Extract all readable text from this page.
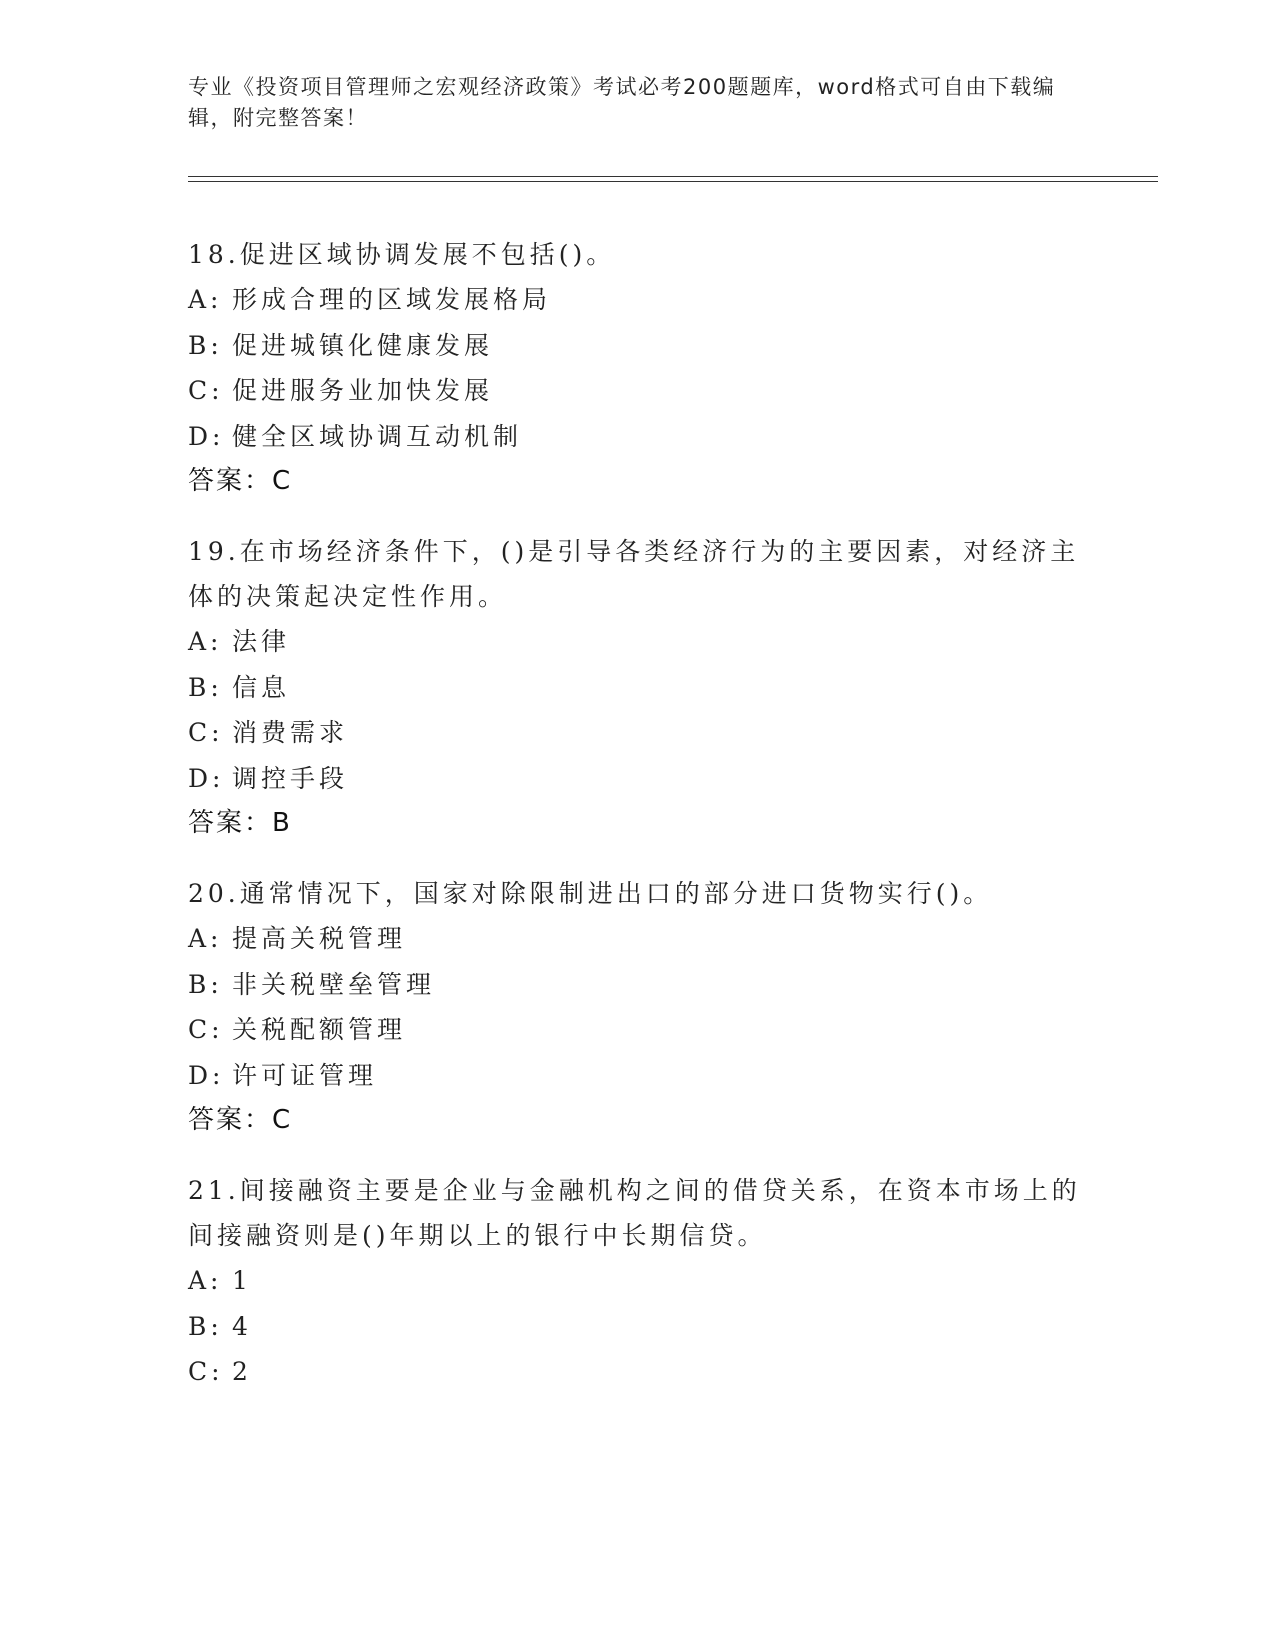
专业《投资项目管理师之宏观经济政策》考试必考200题题库，word格式可自由下载编辑，附完整答案！

18.促进区域协调发展不包括()。

A: 形成合理的区域发展格局
B: 促进城镇化健康发展
C: 促进服务业加快发展
D: 健全区域协调互动机制
答案：C

19.在市场经济条件下，()是引导各类经济行为的主要因素，对经济主体的决策起决定性作用。

A: 法律
B: 信息
C: 消费需求
D: 调控手段
答案：B

20.通常情况下，国家对除限制进出口的部分进口货物实行()。

A: 提高关税管理
B: 非关税壁垒管理
C: 关税配额管理
D: 许可证管理
答案：C

21.间接融资主要是企业与金融机构之间的借贷关系，在资本市场上的间接融资则是()年期以上的银行中长期信贷。

A: 1
B: 4
C: 2
